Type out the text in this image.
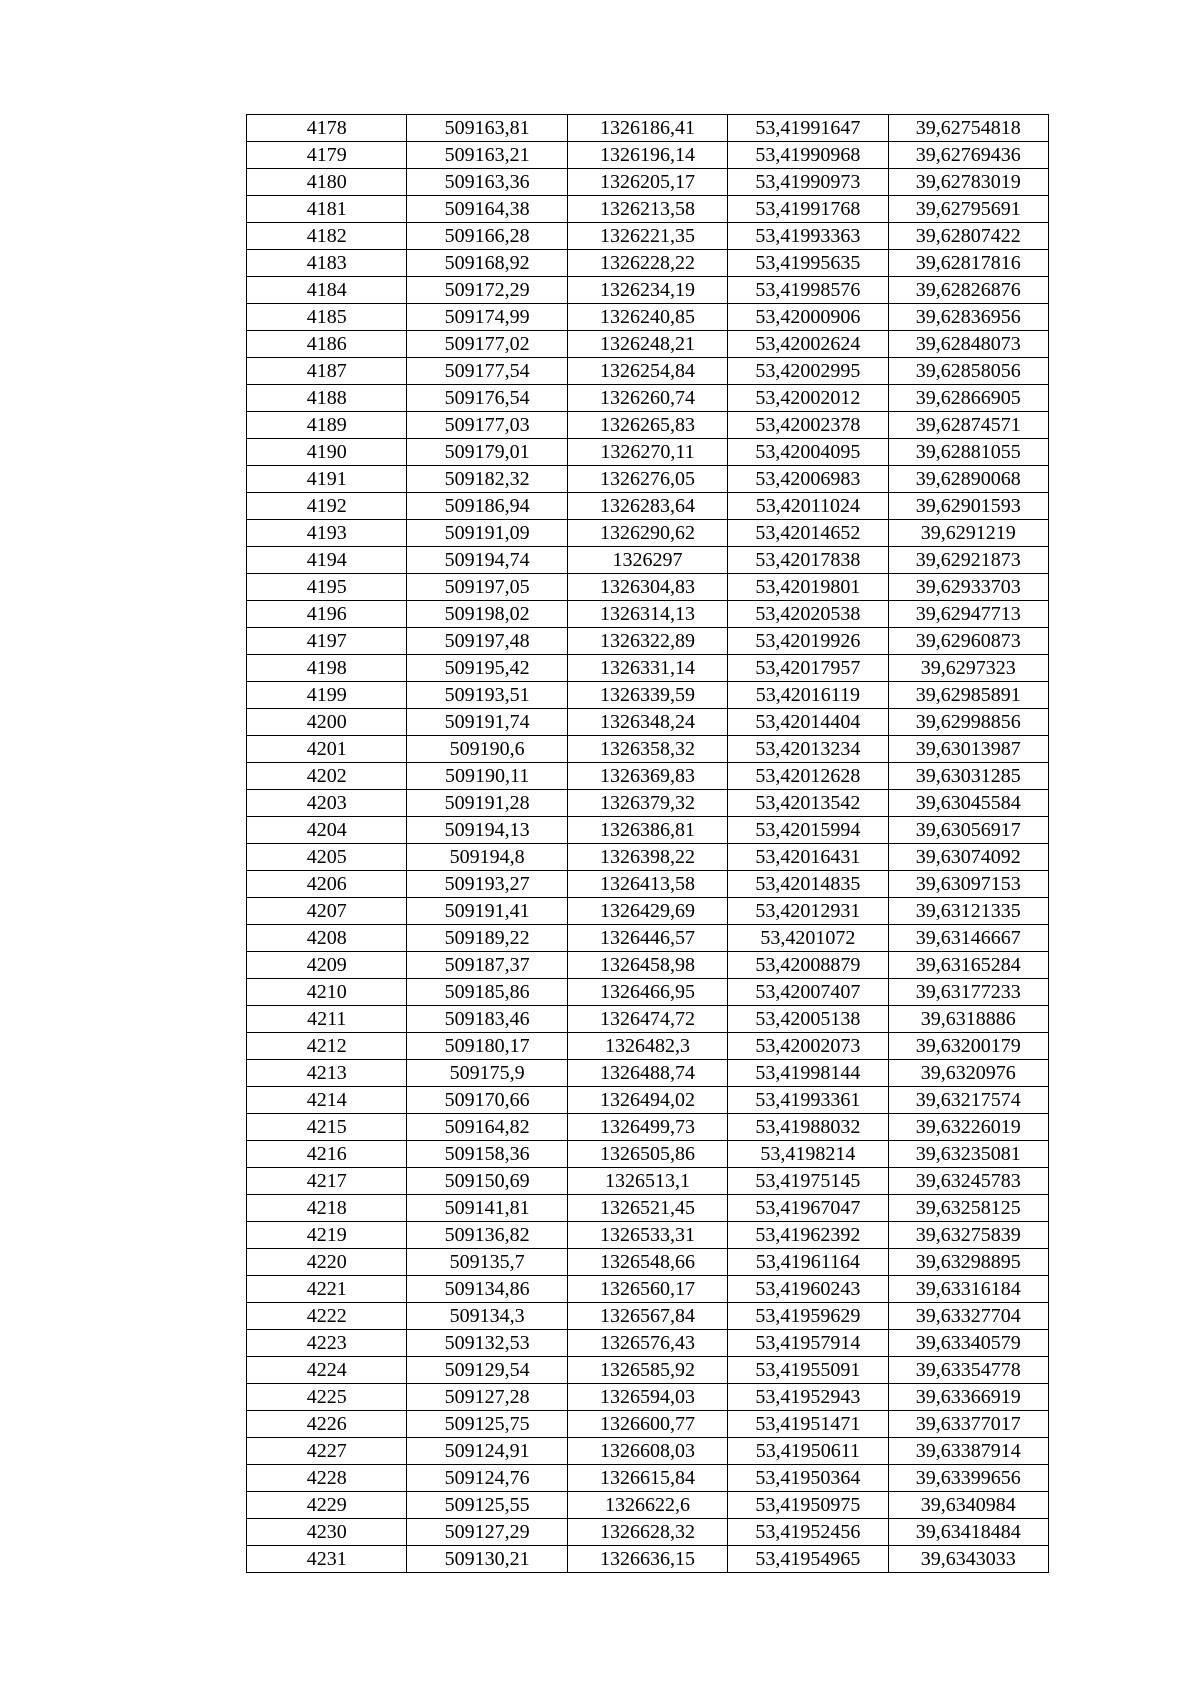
4178	509163,81	1326186,41	53,41991647	39,62754818
4179	509163,21	1326196,14	53,41990968	39,62769436
4180	509163,36	1326205,17	53,41990973	39,62783019
4181	509164,38	1326213,58	53,41991768	39,62795691
4182	509166,28	1326221,35	53,41993363	39,62807422
4183	509168,92	1326228,22	53,41995635	39,62817816
4184	509172,29	1326234,19	53,41998576	39,62826876
4185	509174,99	1326240,85	53,42000906	39,62836956
4186	509177,02	1326248,21	53,42002624	39,62848073
4187	509177,54	1326254,84	53,42002995	39,62858056
4188	509176,54	1326260,74	53,42002012	39,62866905
4189	509177,03	1326265,83	53,42002378	39,62874571
4190	509179,01	1326270,11	53,42004095	39,62881055
4191	509182,32	1326276,05	53,42006983	39,62890068
4192	509186,94	1326283,64	53,42011024	39,62901593
4193	509191,09	1326290,62	53,42014652	39,6291219
4194	509194,74	1326297	53,42017838	39,62921873
4195	509197,05	1326304,83	53,42019801	39,62933703
4196	509198,02	1326314,13	53,42020538	39,62947713
4197	509197,48	1326322,89	53,42019926	39,62960873
4198	509195,42	1326331,14	53,42017957	39,6297323
4199	509193,51	1326339,59	53,42016119	39,62985891
4200	509191,74	1326348,24	53,42014404	39,62998856
4201	509190,6	1326358,32	53,42013234	39,63013987
4202	509190,11	1326369,83	53,42012628	39,63031285
4203	509191,28	1326379,32	53,42013542	39,63045584
4204	509194,13	1326386,81	53,42015994	39,63056917
4205	509194,8	1326398,22	53,42016431	39,63074092
4206	509193,27	1326413,58	53,42014835	39,63097153
4207	509191,41	1326429,69	53,42012931	39,63121335
4208	509189,22	1326446,57	53,4201072	39,63146667
4209	509187,37	1326458,98	53,42008879	39,63165284
4210	509185,86	1326466,95	53,42007407	39,63177233
4211	509183,46	1326474,72	53,42005138	39,6318886
4212	509180,17	1326482,3	53,42002073	39,63200179
4213	509175,9	1326488,74	53,41998144	39,6320976
4214	509170,66	1326494,02	53,41993361	39,63217574
4215	509164,82	1326499,73	53,41988032	39,63226019
4216	509158,36	1326505,86	53,4198214	39,63235081
4217	509150,69	1326513,1	53,41975145	39,63245783
4218	509141,81	1326521,45	53,41967047	39,63258125
4219	509136,82	1326533,31	53,41962392	39,63275839
4220	509135,7	1326548,66	53,41961164	39,63298895
4221	509134,86	1326560,17	53,41960243	39,63316184
4222	509134,3	1326567,84	53,41959629	39,63327704
4223	509132,53	1326576,43	53,41957914	39,63340579
4224	509129,54	1326585,92	53,41955091	39,63354778
4225	509127,28	1326594,03	53,41952943	39,63366919
4226	509125,75	1326600,77	53,41951471	39,63377017
4227	509124,91	1326608,03	53,41950611	39,63387914
4228	509124,76	1326615,84	53,41950364	39,63399656
4229	509125,55	1326622,6	53,41950975	39,6340984
4230	509127,29	1326628,32	53,41952456	39,63418484
4231	509130,21	1326636,15	53,41954965	39,6343033
